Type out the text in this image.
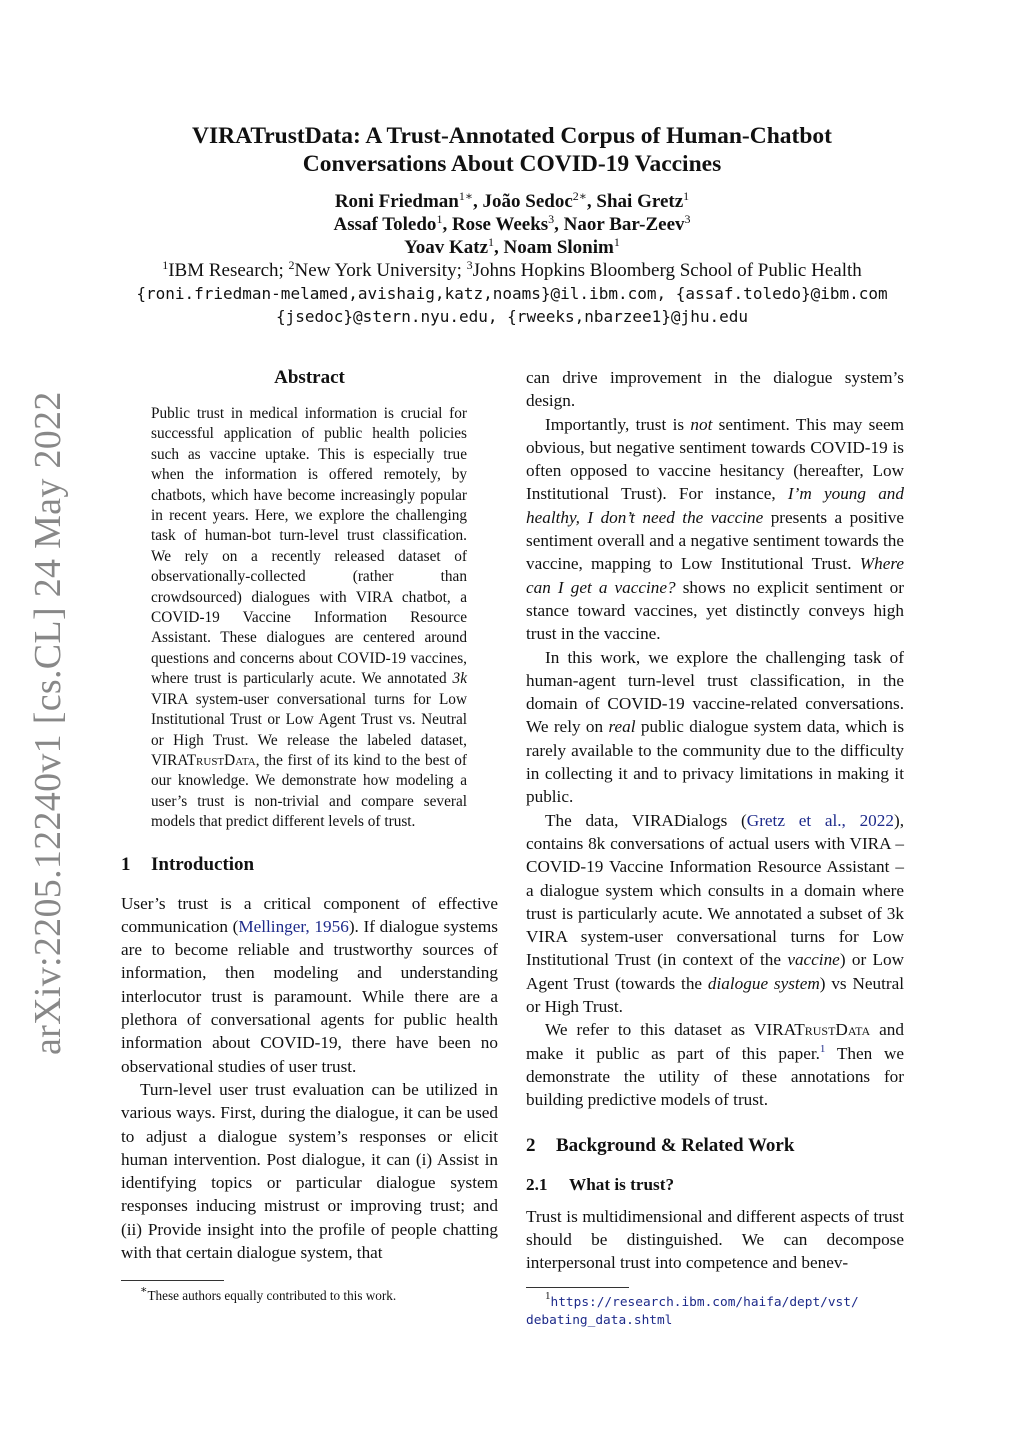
arXiv:2205.12240v1 [cs.CL] 24 May 2022
VIRATrustData: A Trust-Annotated Corpus of Human-Chatbot
Conversations About COVID-19 Vaccines
Roni Friedman$^{1∗}$, João Sedoc$^{2∗}$, Shai Gretz$^1$
Assaf Toledo$^1$, Rose Weeks$^3$, Naor Bar-Zeev$^3$
Yoav Katz$^1$, Noam Slonim$^1$
$^1$IBM Research; $^2$New York University; $^3$Johns Hopkins Bloomberg School of Public Health
{roni.friedman-melamed,avishaig,katz,noams}@il.ibm.com, {assaf.toledo}@ibm.com
{jsedoc}@stern.nyu.edu, {rweeks,nbarzee1}@jhu.edu
Abstract
Public trust in medical information is crucial for successful application of public health policies such as vaccine uptake. This is especially true when the information is offered remotely, by chatbots, which have become increasingly popular in recent years. Here, we explore the challenging task of human-bot turn-level trust classification. We rely on a recently released dataset of observationally-collected (rather than crowdsourced) dialogues with VIRA chatbot, a COVID-19 Vaccine Information Resource Assistant. These dialogues are centered around questions and concerns about COVID-19 vaccines, where trust is particularly acute. We annotated 3k VIRA system-user conversational turns for Low Institutional Trust or Low Agent Trust vs. Neutral or High Trust. We release the labeled dataset, VIRATrustData, the first of its kind to the best of our knowledge. We demonstrate how modeling a user’s trust is non-trivial and compare several models that predict different levels of trust.
1 Introduction

User’s trust is a critical component of effective communication (Mellinger, 1956). If dialogue systems are to become reliable and trustworthy sources of information, then modeling and understanding interlocutor trust is paramount. While there are a plethora of conversational agents for public health information about COVID-19, there have been no observational studies of user trust.

Turn-level user trust evaluation can be utilized in various ways. First, during the dialogue, it can be used to adjust a dialogue system’s responses or elicit human intervention. Post dialogue, it can (i) Assist in identifying topics or particular dialogue system responses inducing mistrust or improving trust; and (ii) Provide insight into the profile of people chatting with that certain dialogue system, that

∗These authors equally contributed to this work.

can drive improvement in the dialogue system’s design.

Importantly, trust is not sentiment. This may seem obvious, but negative sentiment towards COVID-19 is often opposed to vaccine hesitancy (hereafter, Low Institutional Trust). For instance, I’m young and healthy, I don’t need the vaccine presents a positive sentiment overall and a negative sentiment towards the vaccine, mapping to Low Institutional Trust. Where can I get a vaccine? shows no explicit sentiment or stance toward vaccines, yet distinctly conveys high trust in the vaccine.

In this work, we explore the challenging task of human-agent turn-level trust classification, in the domain of COVID-19 vaccine-related conversations. We rely on real public dialogue system data, which is rarely available to the community due to the difficulty in collecting it and to privacy limitations in making it public.

The data, VIRADialogs (Gretz et al., 2022), contains 8k conversations of actual users with VIRA – COVID-19 Vaccine Information Resource Assistant – a dialogue system which consults in a domain where trust is particularly acute. We annotated a subset of 3k VIRA system-user conversational turns for Low Institutional Trust (in context of the vaccine) or Low Agent Trust (towards the dialogue system) vs Neutral or High Trust.

We refer to this dataset as VIRATrustData and make it public as part of this paper.$^1$ Then we demonstrate the utility of these annotations for building predictive models of trust.

2 Background & Related Work
2.1 What is trust?

Trust is multidimensional and different aspects of trust should be distinguished. We can decompose interpersonal trust into competence and benev-

$^1$https://research.ibm.com/haifa/dept/vst/
debating_data.shtml
